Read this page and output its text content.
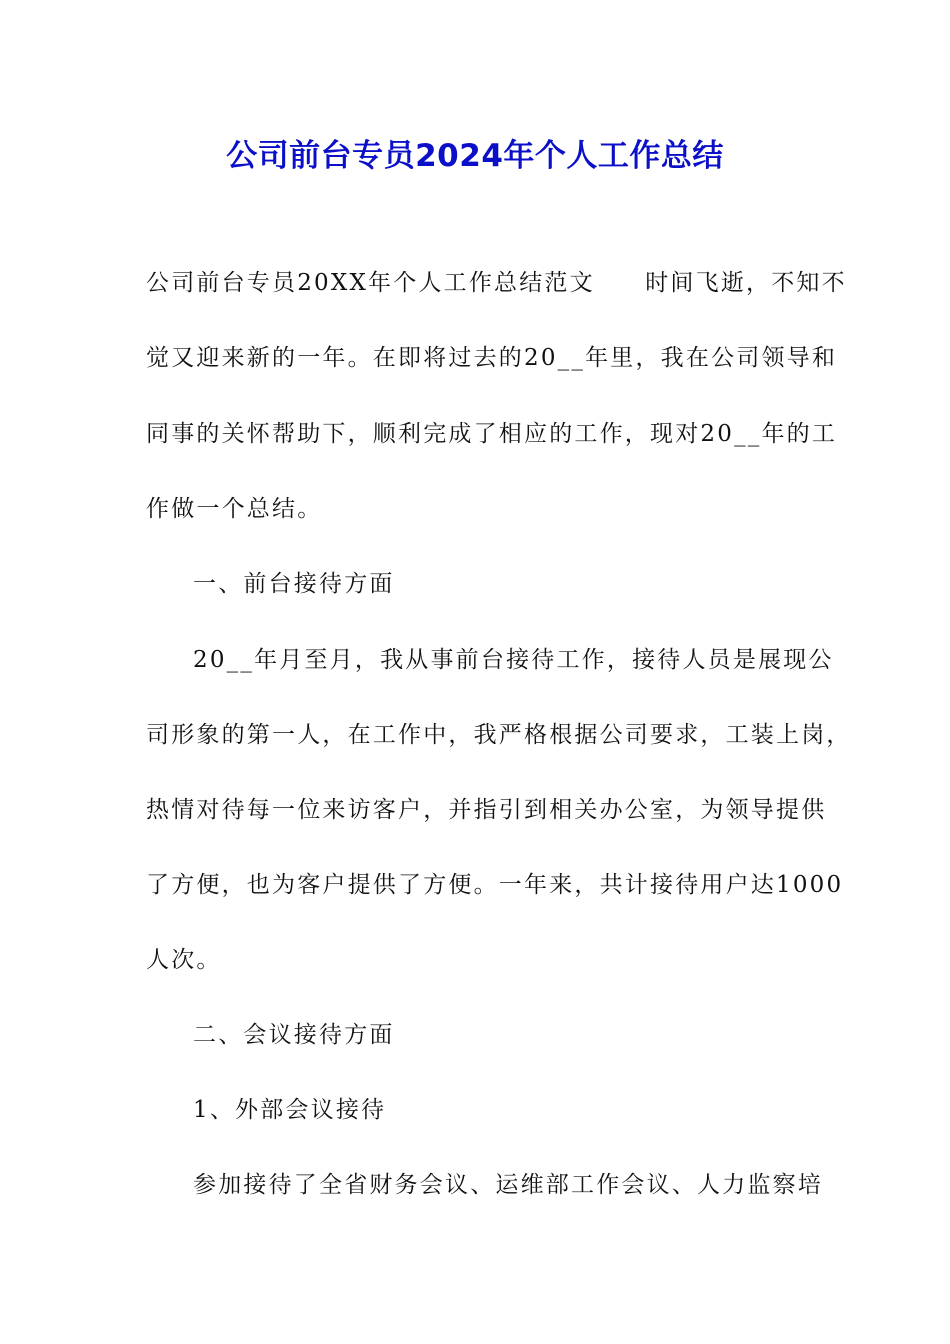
公司前台专员2024年个人工作总结

公司前台专员20XX年个人工作总结范文　　时间飞逝，不知不

觉又迎来新的一年。在即将过去的20__年里，我在公司领导和

同事的关怀帮助下，顺利完成了相应的工作，现对20__年的工

作做一个总结。

一、前台接待方面

20__年月至月，我从事前台接待工作，接待人员是展现公

司形象的第一人，在工作中，我严格根据公司要求，工装上岗，

热情对待每一位来访客户，并指引到相关办公室，为领导提供

了方便，也为客户提供了方便。一年来，共计接待用户达1000

人次。

二、会议接待方面

1、外部会议接待

参加接待了全省财务会议、运维部工作会议、人力监察培
